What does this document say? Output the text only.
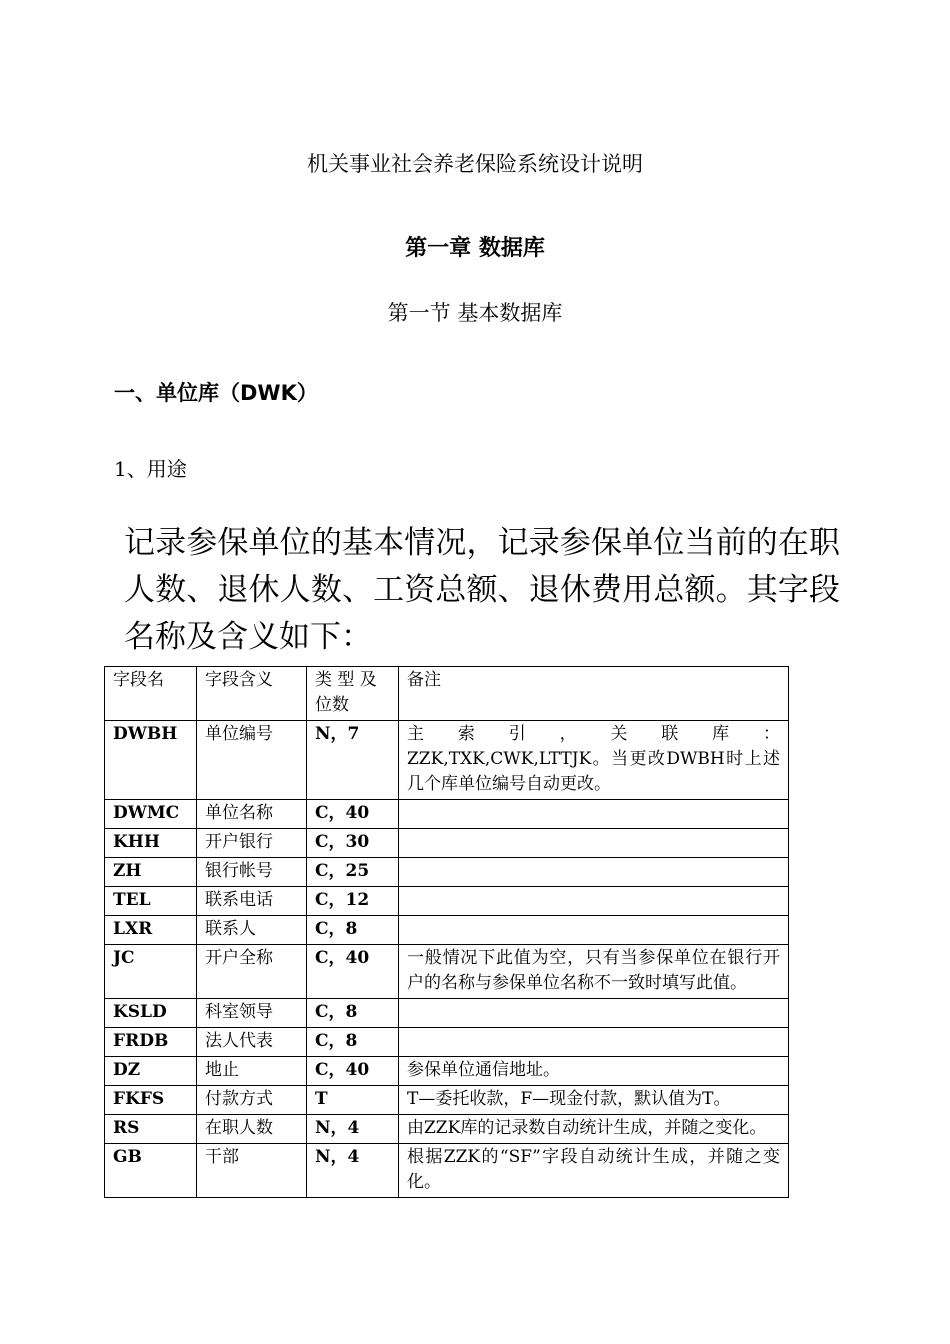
机关事业社会养老保险系统设计说明
第一章 数据库
第一节 基本数据库
一、单位库（DWK）
1、用途

记录参保单位的基本情况，记录参保单位当前的在职人数、退休人数、工资总额、退休费用总额。其字段名称及含义如下：

字段名	字段含义	类 型 及 位数	备注
DWBH	单位编号	N，7	主 索 引 ， 关 联 库 ：
ZZK,TXK,CWK,LTTJK。当更改DWBH时上述几个库单位编号自动更改。

DWMC	单位名称	C，40	
KHH	开户银行	C，30	
ZH	银行帐号	C，25	
TEL	联系电话	C，12	
LXR	联系人	C，8	
JC	开户全称	C，40	一般情况下此值为空，只有当参保单位在银行开户的名称与参保单位名称不一致时填写此值。
KSLD	科室领导	C，8	
FRDB	法人代表	C，8	
DZ	地止	C，40	参保单位通信地址。
FKFS	付款方式	T	T—委托收款，F—现金付款，默认值为T。
RS	在职人数	N，4	由ZZK库的记录数自动统计生成，并随之变化。
GB	干部	N，4	根据ZZK的“SF”字段自动统计生成，并随之变化。
